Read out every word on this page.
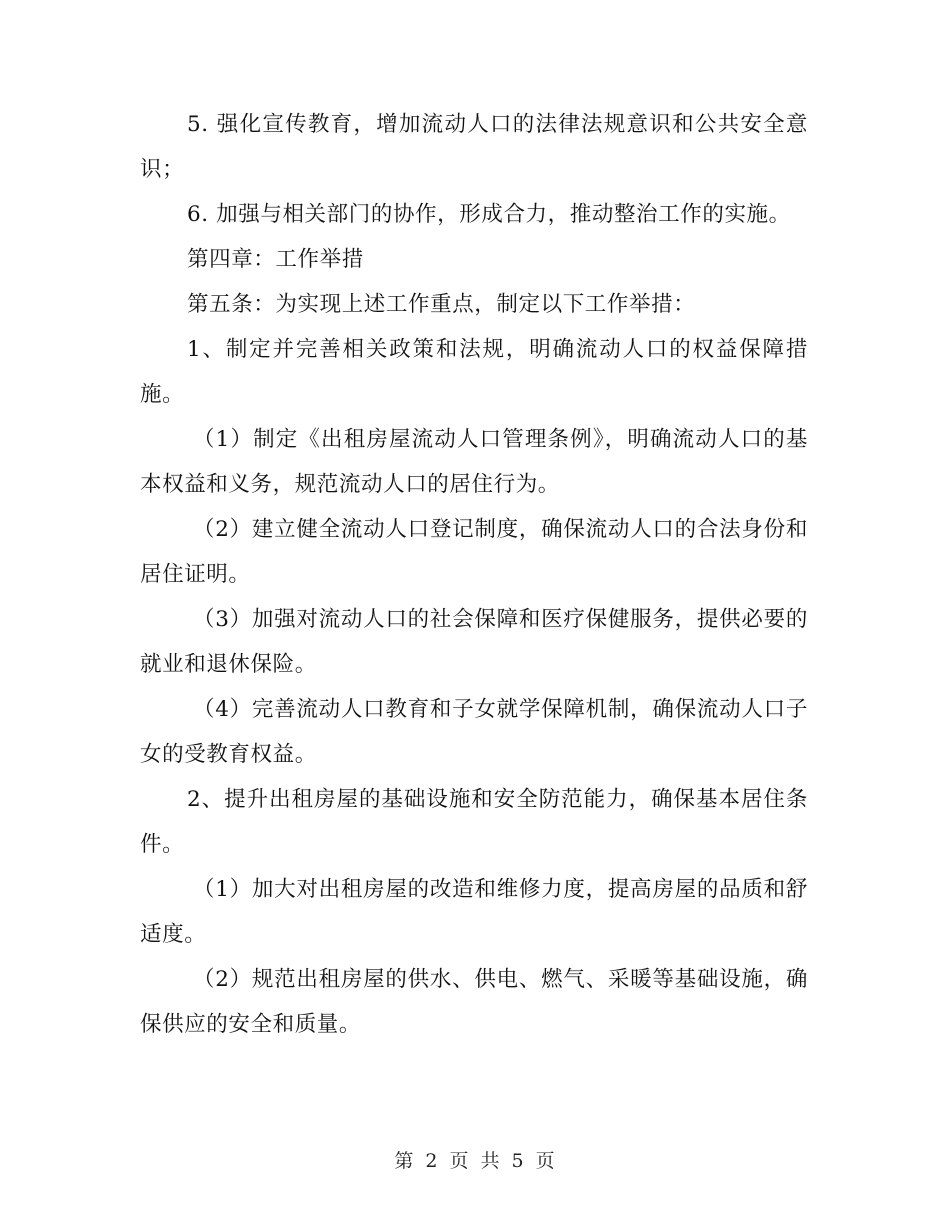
5. 强化宣传教育，增加流动人口的法律法规意识和公共安全意识；

6. 加强与相关部门的协作，形成合力，推动整治工作的实施。

第四章：工作举措

第五条：为实现上述工作重点，制定以下工作举措：

1、制定并完善相关政策和法规，明确流动人口的权益保障措施。

（1）制定《出租房屋流动人口管理条例》，明确流动人口的基本权益和义务，规范流动人口的居住行为。

（2）建立健全流动人口登记制度，确保流动人口的合法身份和居住证明。

（3）加强对流动人口的社会保障和医疗保健服务，提供必要的就业和退休保险。

（4）完善流动人口教育和子女就学保障机制，确保流动人口子女的受教育权益。

2、提升出租房屋的基础设施和安全防范能力，确保基本居住条件。

（1）加大对出租房屋的改造和维修力度，提高房屋的品质和舒适度。

（2）规范出租房屋的供水、供电、燃气、采暖等基础设施，确保供应的安全和质量。

第 2 页 共 5 页
